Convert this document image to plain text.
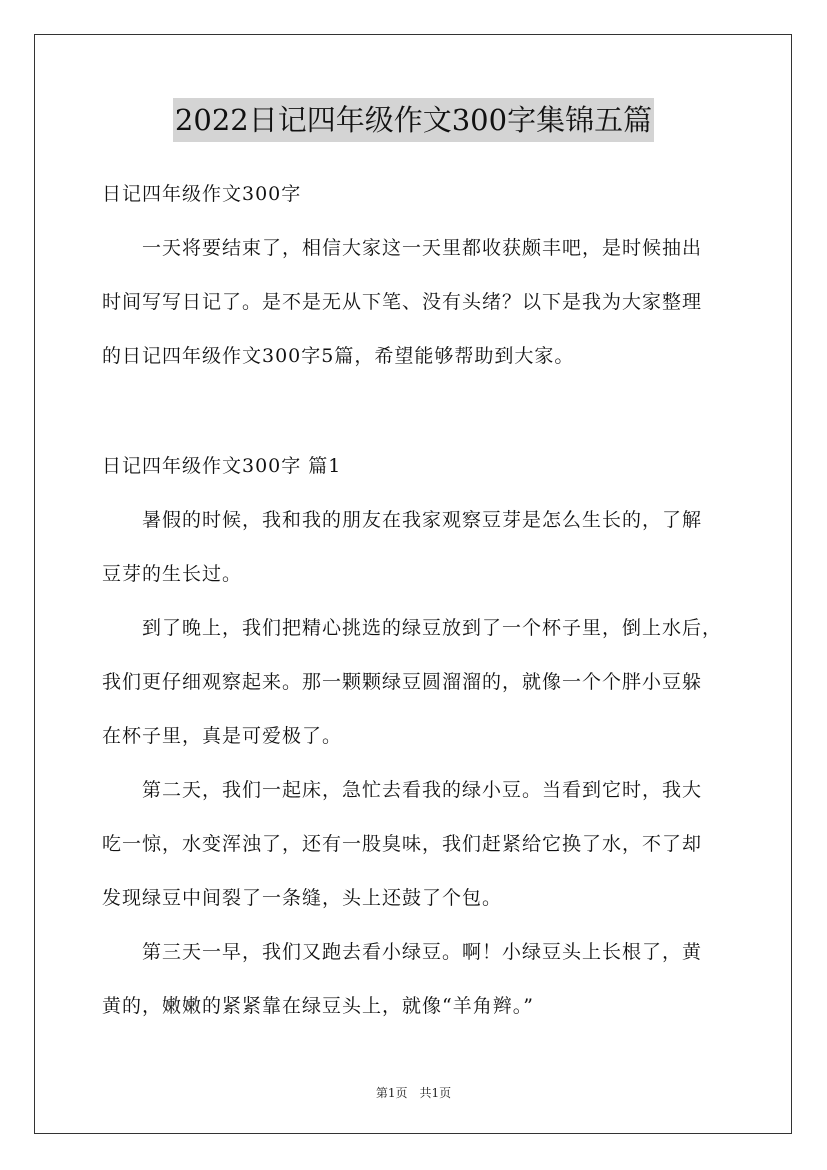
2022日记四年级作文300字集锦五篇
日记四年级作文300字
　　一天将要结束了，相信大家这一天里都收获颇丰吧，是时候抽出
时间写写日记了。是不是无从下笔、没有头绪？以下是我为大家整理
的日记四年级作文300字5篇，希望能够帮助到大家。
日记四年级作文300字 篇1
　　暑假的时候，我和我的朋友在我家观察豆芽是怎么生长的，了解
豆芽的生长过。
　　到了晚上，我们把精心挑选的绿豆放到了一个杯子里，倒上水后，
我们更仔细观察起来。那一颗颗绿豆圆溜溜的，就像一个个胖小豆躲
在杯子里，真是可爱极了。
　　第二天，我们一起床，急忙去看我的绿小豆。当看到它时，我大
吃一惊，水变浑浊了，还有一股臭味，我们赶紧给它换了水，不了却
发现绿豆中间裂了一条缝，头上还鼓了个包。
　　第三天一早，我们又跑去看小绿豆。啊！小绿豆头上长根了，黄
黄的，嫩嫩的紧紧靠在绿豆头上，就像“羊角辫。”
第1页　共1页
